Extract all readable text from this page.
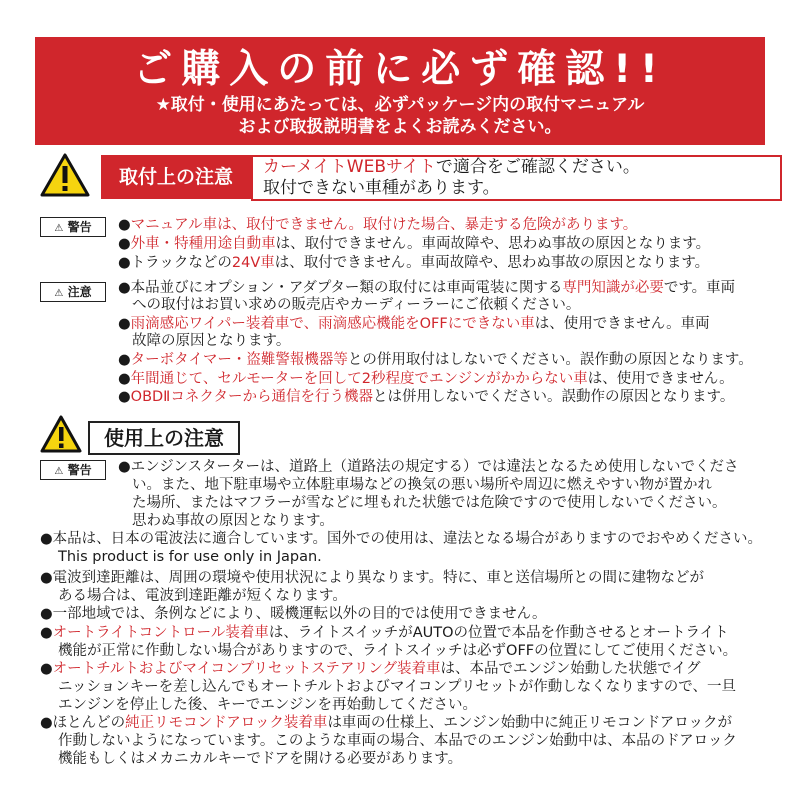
ご購入の前に必ず確認!!
★取付・使用にあたっては、必ずパッケージ内の取付マニュアル
および取扱説明書をよくお読みください。
取付上の注意	カーメイトWEBサイトで適合をご確認ください。
取付できない車種があります。
⚠ 警告	●マニュアル車は、取付できません。取付けた場合、暴走する危険があります。
●外車・特種用途自動車は、取付できません。車両故障や、思わぬ事故の原因となります。
●トラックなどの24V車は、取付できません。車両故障や、思わぬ事故の原因となります。
⚠ 注意	●本品並びにオプション・アダプター類の取付には車両電装に関する専門知識が必要です。車両
への取付はお買い求めの販売店やカーディーラーにご依頼ください。
●雨滴感応ワイパー装着車で、雨滴感応機能をOFFにできない車は、使用できません。車両
故障の原因となります。
●ターボタイマー・盗難警報機器等との併用取付はしないでください。誤作動の原因となります。
●年間通じて、セルモーターを回して2秒程度でエンジンがかからない車は、使用できません。
●OBDⅡコネクターから通信を行う機器とは併用しないでください。誤動作の原因となります。
使用上の注意
⚠ 警告	●エンジンスターターは、道路上（道路法の規定する）では違法となるため使用しないでくださ
い。また、地下駐車場や立体駐車場などの換気の悪い場所や周辺に燃えやすい物が置かれ
た場所、またはマフラーが雪などに埋もれた状態では危険ですので使用しないでください。
思わぬ事故の原因となります。
●本品は、日本の電波法に適合しています。国外での使用は、違法となる場合がありますのでおやめください。
This product is for use only in Japan.
●電波到達距離は、周囲の環境や使用状況により異なります。特に、車と送信場所との間に建物などが
ある場合は、電波到達距離が短くなります。
●一部地域では、条例などにより、暖機運転以外の目的では使用できません。
●オートライトコントロール装着車は、ライトスイッチがAUTOの位置で本品を作動させるとオートライト
機能が正常に作動しない場合がありますので、ライトスイッチは必ずOFFの位置にしてご使用ください。
●オートチルトおよびマイコンプリセットステアリング装着車は、本品でエンジン始動した状態でイグ
ニッションキーを差し込んでもオートチルトおよびマイコンプリセットが作動しなくなりますので、一旦
エンジンを停止した後、キーでエンジンを再始動してください。
●ほとんどの純正リモコンドアロック装着車は車両の仕様上、エンジン始動中に純正リモコンドアロックが
作動しないようになっています。このような車両の場合、本品でのエンジン始動中は、本品のドアロック
機能もしくはメカニカルキーでドアを開ける必要があります。
